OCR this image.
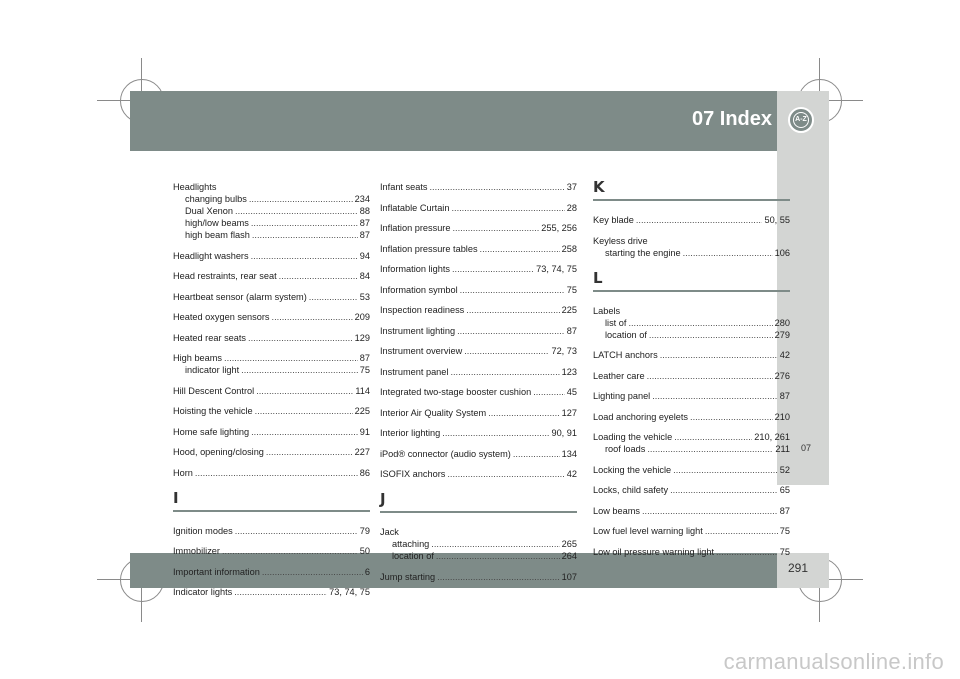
07 Index	A-Z
07
291
carmanualsonline.info
Headlights
changing bulbs .....	234
Dual Xenon .....	88
high/low beams .....	87
high beam flash .....	87
Headlight washers .....	94
Head restraints, rear seat .....	84
Heartbeat sensor (alarm system) .....	53
Heated oxygen sensors .....	209
Heated rear seats .....	129
High beams .....	87
indicator light .....	75
Hill Descent Control .....	114
Hoisting the vehicle .....	225
Home safe lighting .....	91
Hood, opening/closing .....	227
Horn .....	86
I
Ignition modes .....	79
Immobilizer .....	50
Important information .....	6
Indicator lights .....	73, 74, 75
Infant seats .....	37
Inflatable Curtain .....	28
Inflation pressure .....	255, 256
Inflation pressure tables .....	258
Information lights .....	73, 74, 75
Information symbol .....	75
Inspection readiness .....	225
Instrument lighting .....	87
Instrument overview .....	72, 73
Instrument panel .....	123
Integrated two-stage booster cushion .....	45
Interior Air Quality System .....	127
Interior lighting .....	90, 91
iPod® connector (audio system) .....	134
ISOFIX anchors .....	42
J
Jack
attaching .....	265
location of .....	264
Jump starting .....	107
K
Key blade .....	50, 55
Keyless drive
starting the engine .....	106
L
Labels
list of .....	280
location of .....	279
LATCH anchors .....	42
Leather care .....	276
Lighting panel .....	87
Load anchoring eyelets .....	210
Loading the vehicle .....	210, 261
roof loads .....	211
Locking the vehicle .....	52
Locks, child safety .....	65
Low beams .....	87
Low fuel level warning light .....	75
Low oil pressure warning light .....	75
